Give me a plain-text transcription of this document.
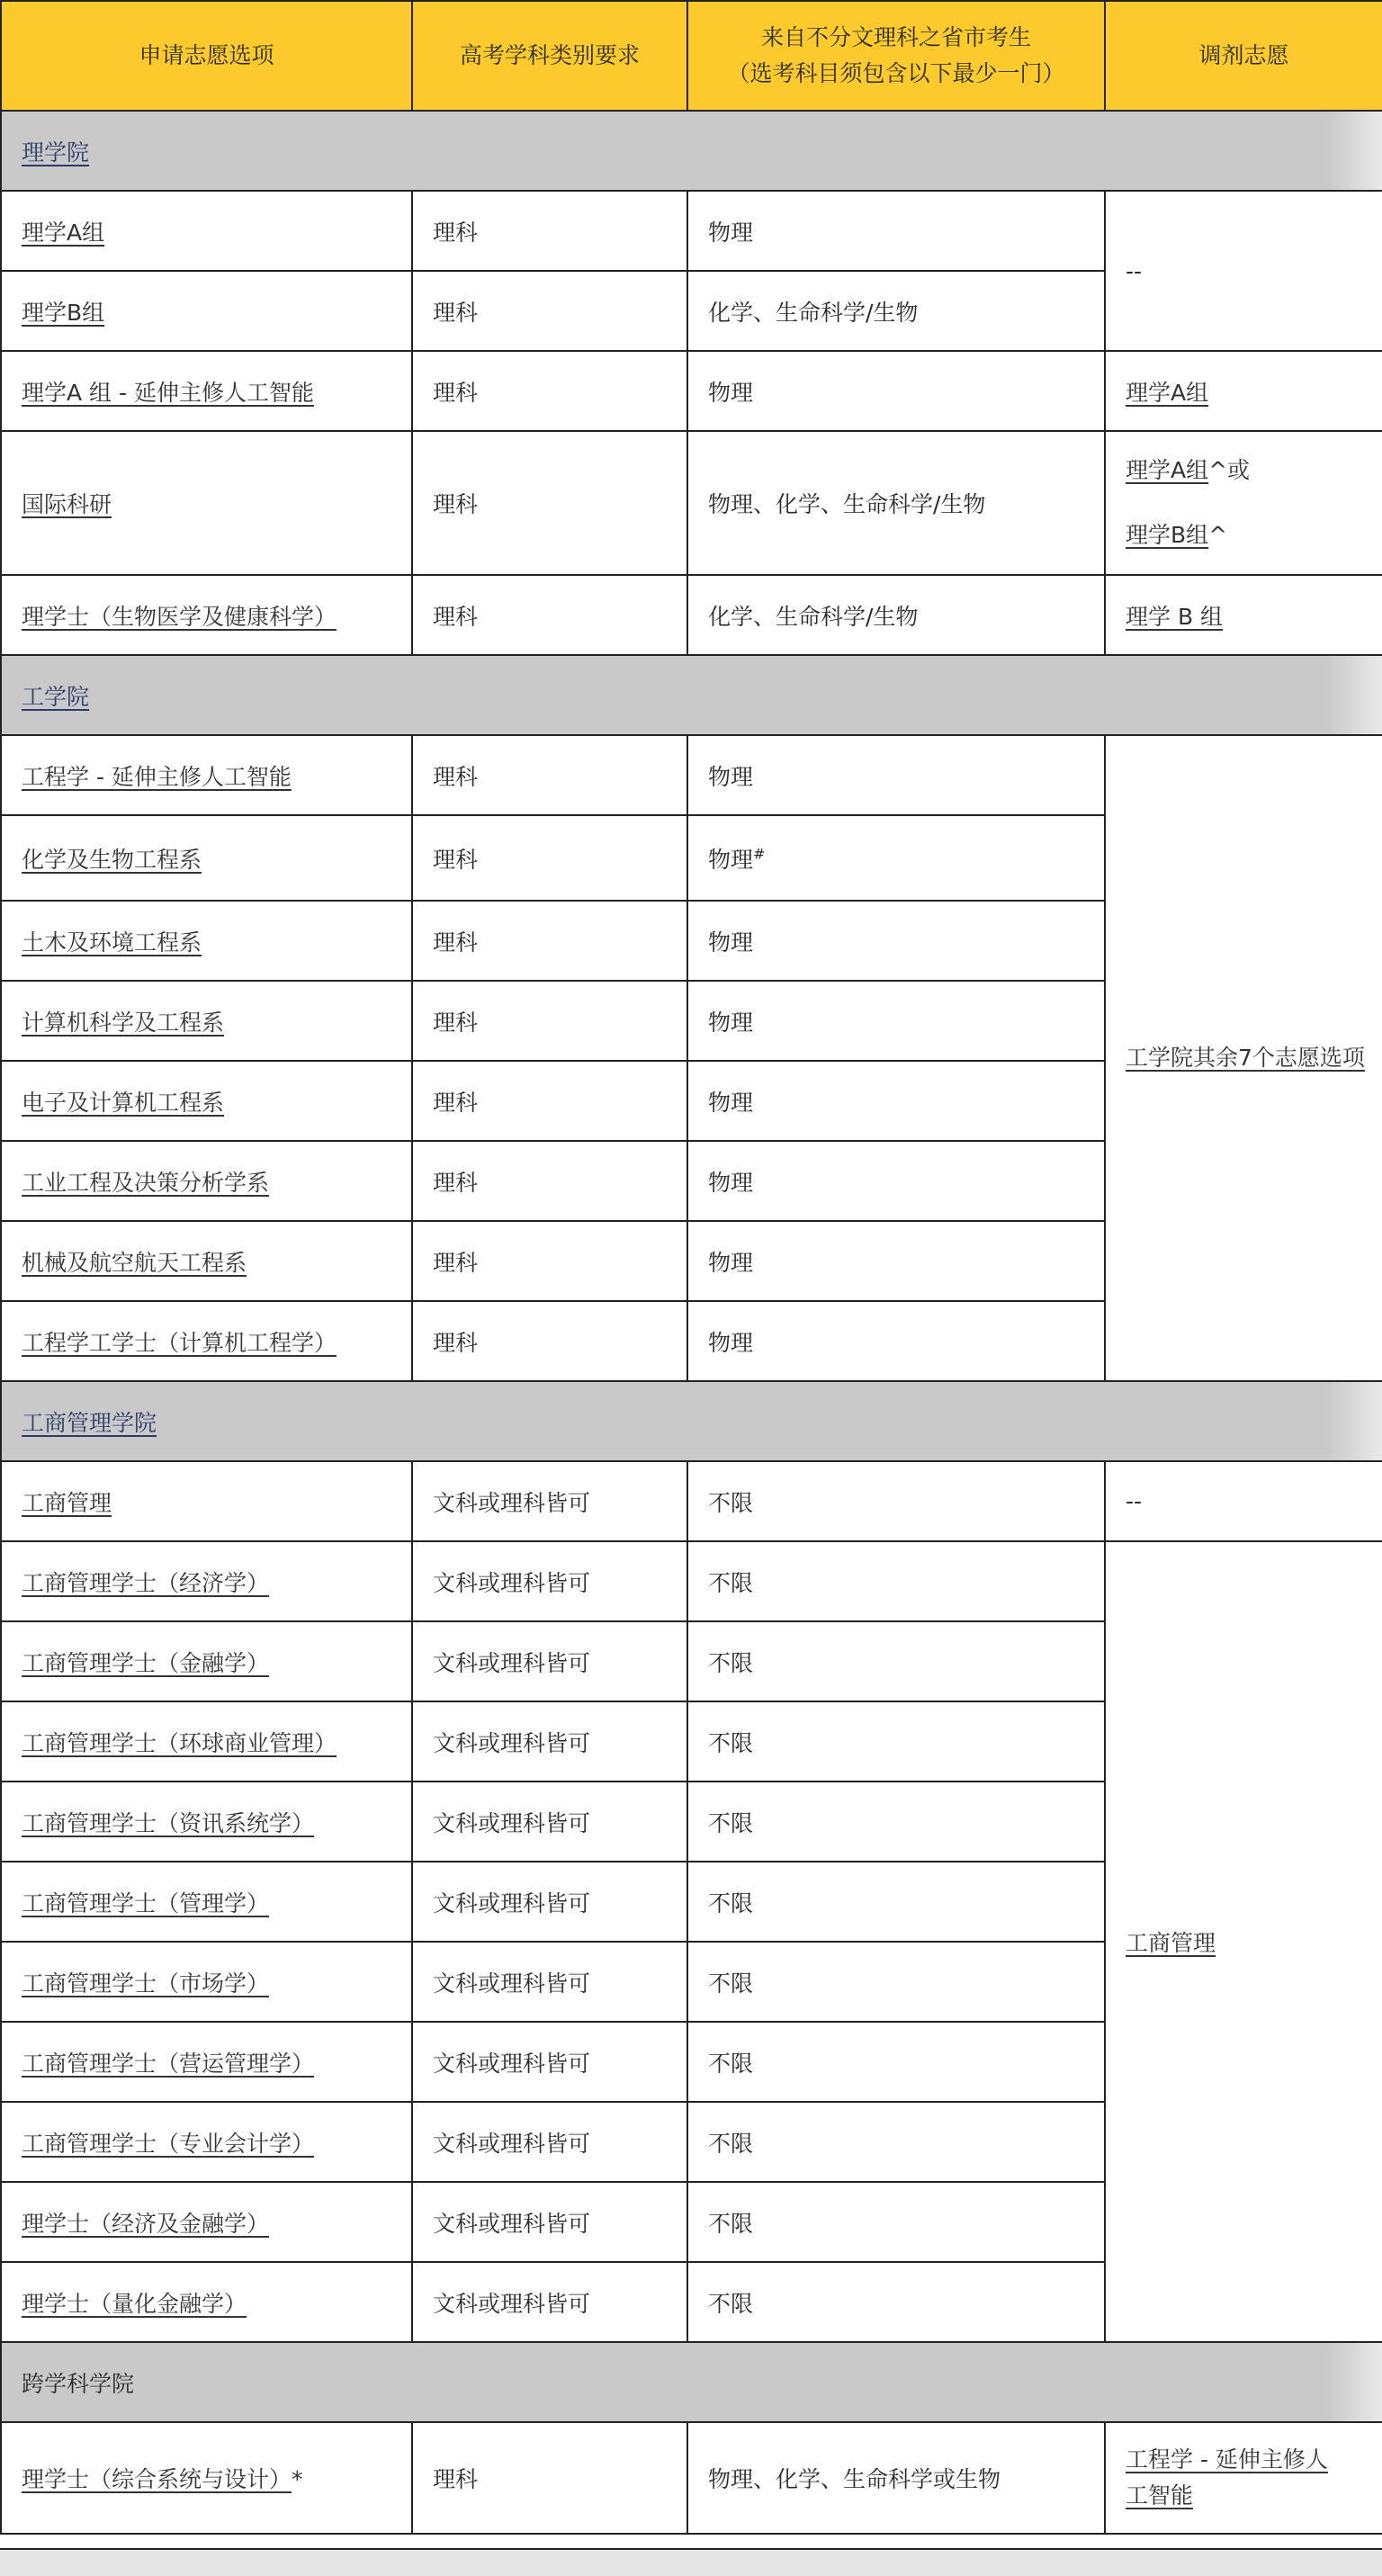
申请志愿选项	高考学科类别要求	来自不分文理科之省市考生
（选考科目须包含以下最少一门）	调剂志愿
理学院			
理学A组	理科	物理	--
理学B组	理科	化学、生命科学/生物	
理学A 组 - 延伸主修人工智能	理科	物理	理学A组
国际科研	理科	物理、化学、生命科学/生物	理学A组^或
理学B组^

理学士（生物医学及健康科学）	理科	化学、生命科学/生物	理学 B 组
工学院			
工程学 - 延伸主修人工智能	理科	物理	工学院其余7个志愿选项
化学及生物工程系	理科	物理#
土木及环境工程系	理科	物理	
计算机科学及工程系	理科	物理	
电子及计算机工程系	理科	物理	
工业工程及决策分析学系	理科	物理	
机械及航空航天工程系	理科	物理	
工程学工学士（计算机工程学）	理科	物理	
工商管理学院			
工商管理	文科或理科皆可	不限	--
工商管理学士（经济学）	文科或理科皆可	不限	工商管理
工商管理学士（金融学）	文科或理科皆可	不限	
工商管理学士（环球商业管理）	文科或理科皆可	不限	
工商管理学士（资讯系统学）	文科或理科皆可	不限	
工商管理学士（管理学）	文科或理科皆可	不限	
工商管理学士（市场学）	文科或理科皆可	不限	
工商管理学士（营运管理学）	文科或理科皆可	不限	
工商管理学士（专业会计学）	文科或理科皆可	不限	
理学士（经济及金融学）	文科或理科皆可	不限	
理学士（量化金融学）	文科或理科皆可	不限	
跨学科学院			
理学士（综合系统与设计）*	理科	物理、化学、生命科学或生物	工程学 - 延伸主修人
工智能
